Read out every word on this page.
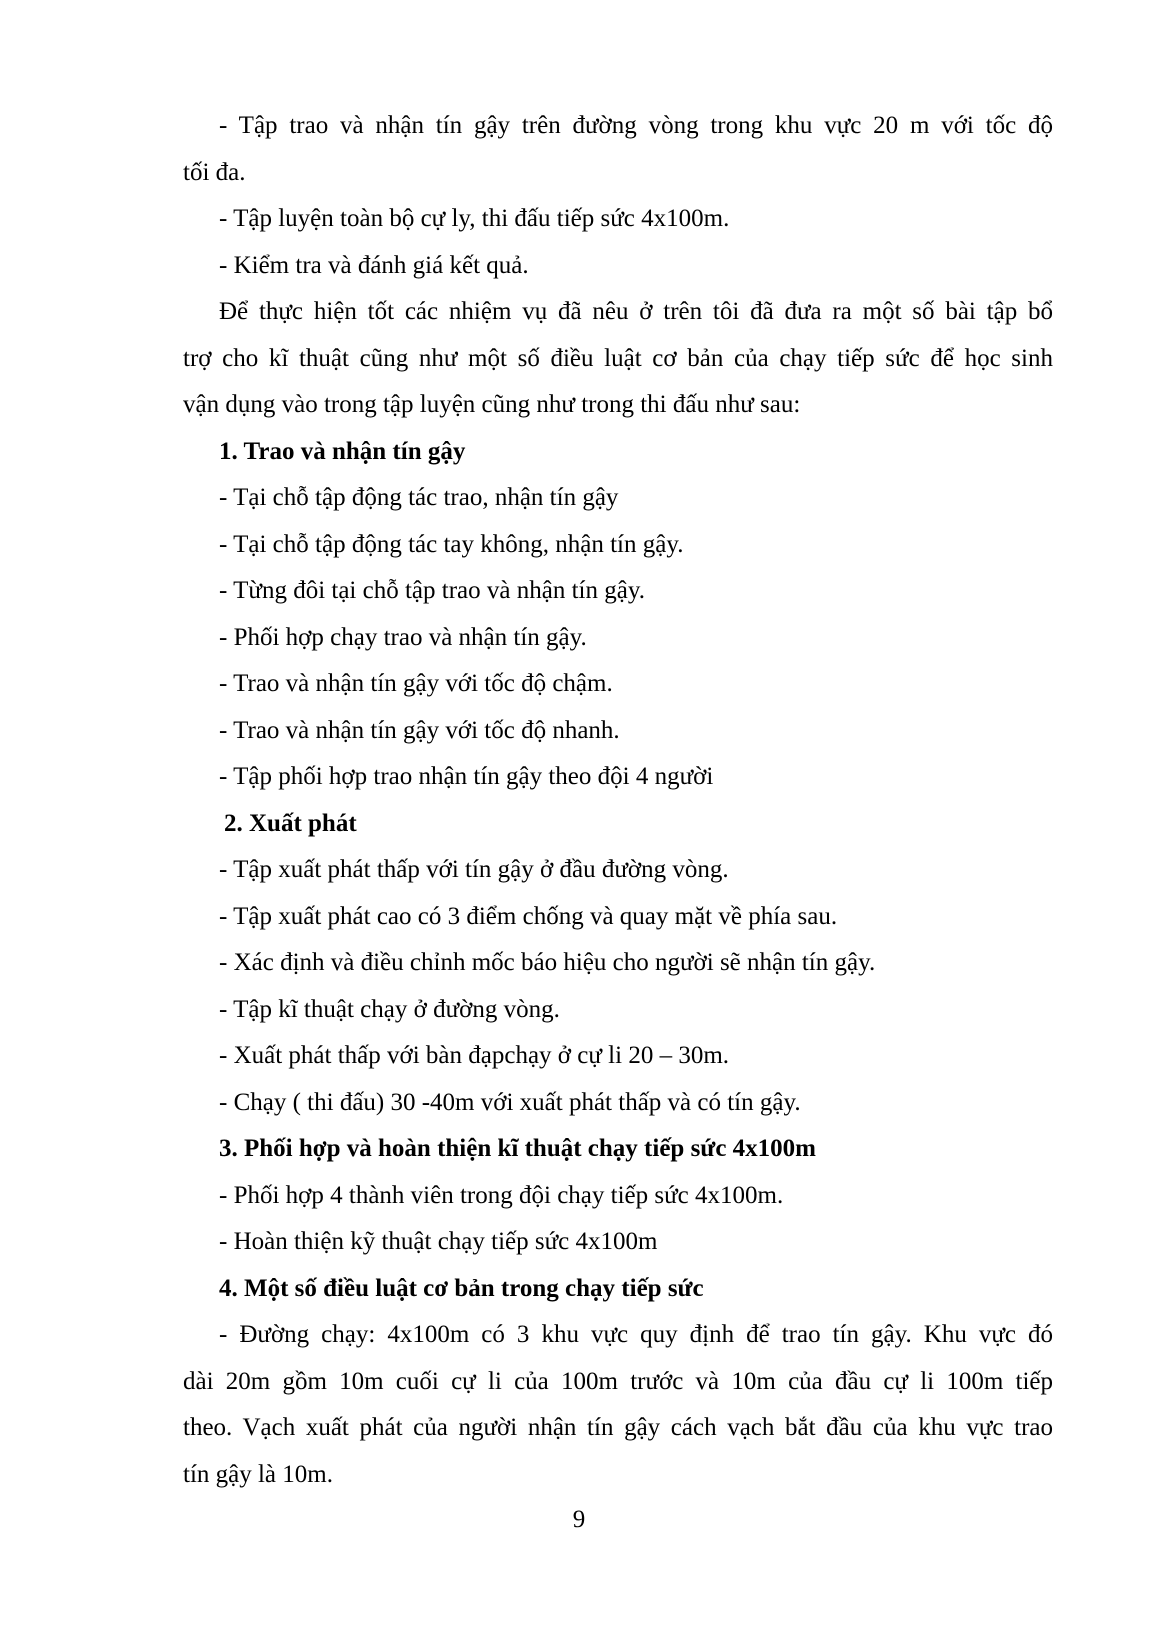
- Tập trao và nhận tín gậy trên đường vòng trong khu vực 20 m với tốc độ

tối đa.

- Tập luyện toàn bộ cự ly, thi đấu tiếp sức 4x100m.

- Kiểm tra và đánh giá kết quả.

Để thực hiện tốt các nhiệm vụ đã nêu ở trên tôi đã đưa ra một số bài tập bổ

trợ cho kĩ thuật cũng như một số điều luật cơ bản của chạy tiếp sức để học sinh

vận dụng vào trong tập luyện cũng như trong thi đấu như sau:

1. Trao và nhận tín gậy

- Tại chỗ tập động tác trao, nhận tín gậy

- Tại chỗ tập động tác tay không, nhận tín gậy.

- Từng đôi tại chỗ tập trao và nhận tín gậy.

- Phối hợp chạy trao và nhận tín gậy.

- Trao và nhận tín gậy với tốc độ chậm.

- Trao và nhận tín gậy với tốc độ nhanh.

- Tập phối hợp trao nhận tín gậy theo đội 4 người

2. Xuất phát

- Tập xuất phát thấp với tín gậy ở đầu đường vòng.

- Tập xuất phát cao có 3 điểm chống và quay mặt về phía sau.

- Xác định và điều chỉnh mốc báo hiệu cho người sẽ nhận tín gậy.

- Tập kĩ thuật chạy ở đường vòng.

- Xuất phát thấp với bàn đạpchạy ở cự li 20 – 30m.

- Chạy ( thi đấu) 30 -40m với xuất phát thấp và có tín gậy.

3. Phối hợp và hoàn thiện kĩ thuật chạy tiếp sức 4x100m

- Phối hợp 4 thành viên trong đội chạy tiếp sức 4x100m.

- Hoàn thiện kỹ thuật chạy tiếp sức 4x100m

4. Một số điều luật cơ bản trong chạy tiếp sức

- Đường chạy: 4x100m có 3 khu vực quy định để trao tín gậy. Khu vực đó

dài 20m gồm 10m cuối cự li của 100m trước và 10m của đầu cự li 100m tiếp

theo. Vạch xuất phát của người nhận tín gậy cách vạch bắt đầu của khu vực trao

tín gậy là 10m.

9
